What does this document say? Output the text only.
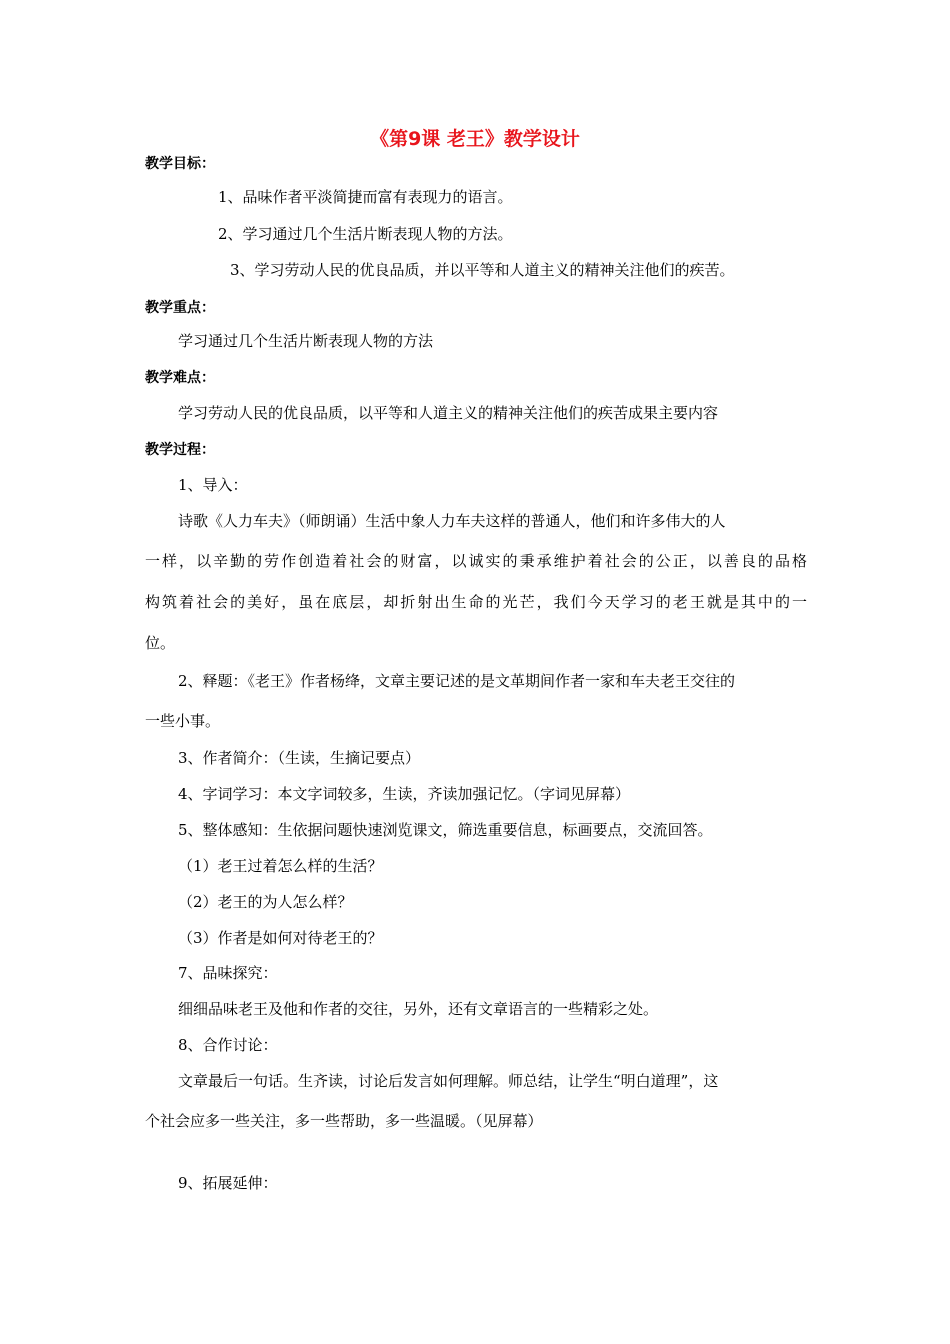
《第9课 老王》教学设计
教学目标：
1、品味作者平淡简捷而富有表现力的语言。
2、学习通过几个生活片断表现人物的方法。
3、学习劳动人民的优良品质，并以平等和人道主义的精神关注他们的疾苦。
教学重点：
学习通过几个生活片断表现人物的方法
教学难点：
学习劳动人民的优良品质，以平等和人道主义的精神关注他们的疾苦成果主要内容
教学过程：
1、导入：
诗歌《人力车夫》（师朗诵）生活中象人力车夫这样的普通人，他们和许多伟大的人
一样，以辛勤的劳作创造着社会的财富，以诚实的秉承维护着社会的公正，以善良的品格
构筑着社会的美好，虽在底层，却折射出生命的光芒，我们今天学习的老王就是其中的一
位。
2、释题：《老王》作者杨绛，文章主要记述的是文革期间作者一家和车夫老王交往的
一些小事。
3、作者简介：（生读，生摘记要点）
4、字词学习：本文字词较多，生读，齐读加强记忆。（字词见屏幕）
5、整体感知：生依据问题快速浏览课文，筛选重要信息，标画要点，交流回答。
（1）老王过着怎么样的生活？
（2）老王的为人怎么样？
（3）作者是如何对待老王的？
7、品味探究：
细细品味老王及他和作者的交往，另外，还有文章语言的一些精彩之处。
8、合作讨论：
文章最后一句话。生齐读，讨论后发言如何理解。师总结，让学生“明白道理”，这
个社会应多一些关注，多一些帮助，多一些温暖。（见屏幕）
9、拓展延伸：
